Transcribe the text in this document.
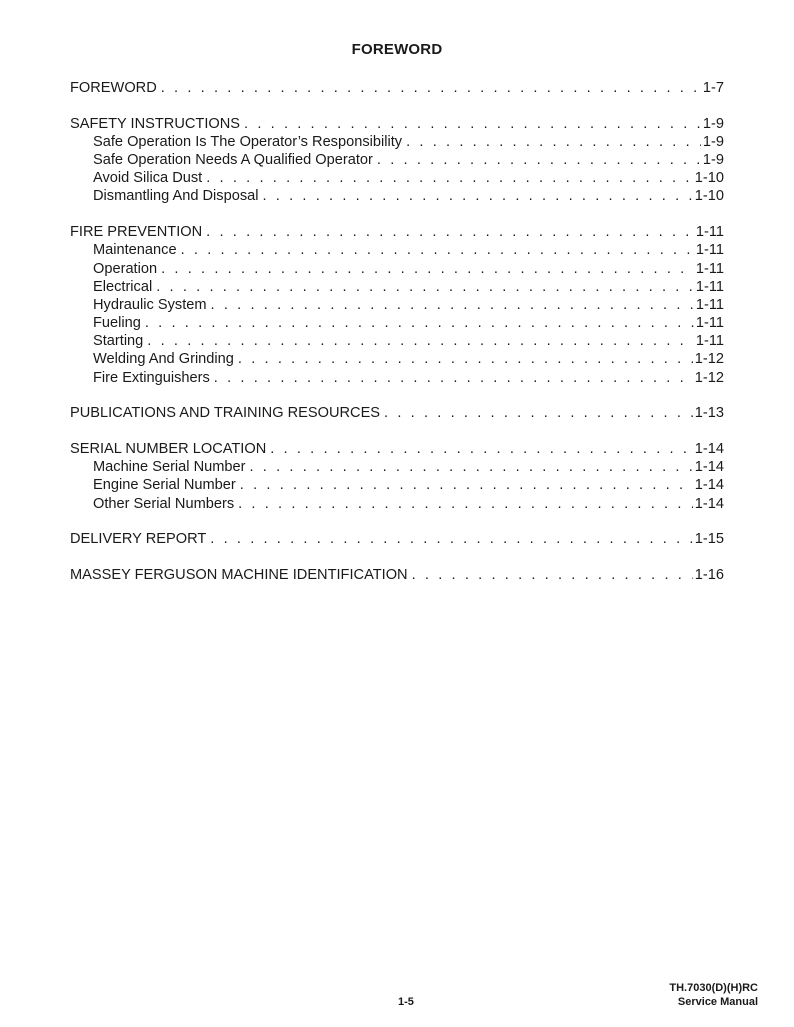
FOREWORD
FOREWORD . . .	1-7
SAFETY INSTRUCTIONS . . .	1-9
Safe Operation Is The Operator’s Responsibility . . .	1-9
Safe Operation Needs A Qualified Operator . . .	1-9
Avoid Silica Dust . . .	1-10
Dismantling And Disposal . . .	1-10
FIRE PREVENTION . . .	1-11
Maintenance . . .	1-11
Operation . . .	1-11
Electrical . . .	1-11
Hydraulic System . . .	1-11
Fueling . . .	1-11
Starting . . .	1-11
Welding And Grinding . . .	1-12
Fire Extinguishers . . .	1-12
PUBLICATIONS AND TRAINING RESOURCES . . .	1-13
SERIAL NUMBER LOCATION . . .	1-14
Machine Serial Number . . .	1-14
Engine Serial Number . . .	1-14
Other Serial Numbers . . .	1-14
DELIVERY REPORT . . .	1-15
MASSEY FERGUSON MACHINE IDENTIFICATION . . .	1-16
TH.7030(D)(H)RC
Service Manual
1-5
